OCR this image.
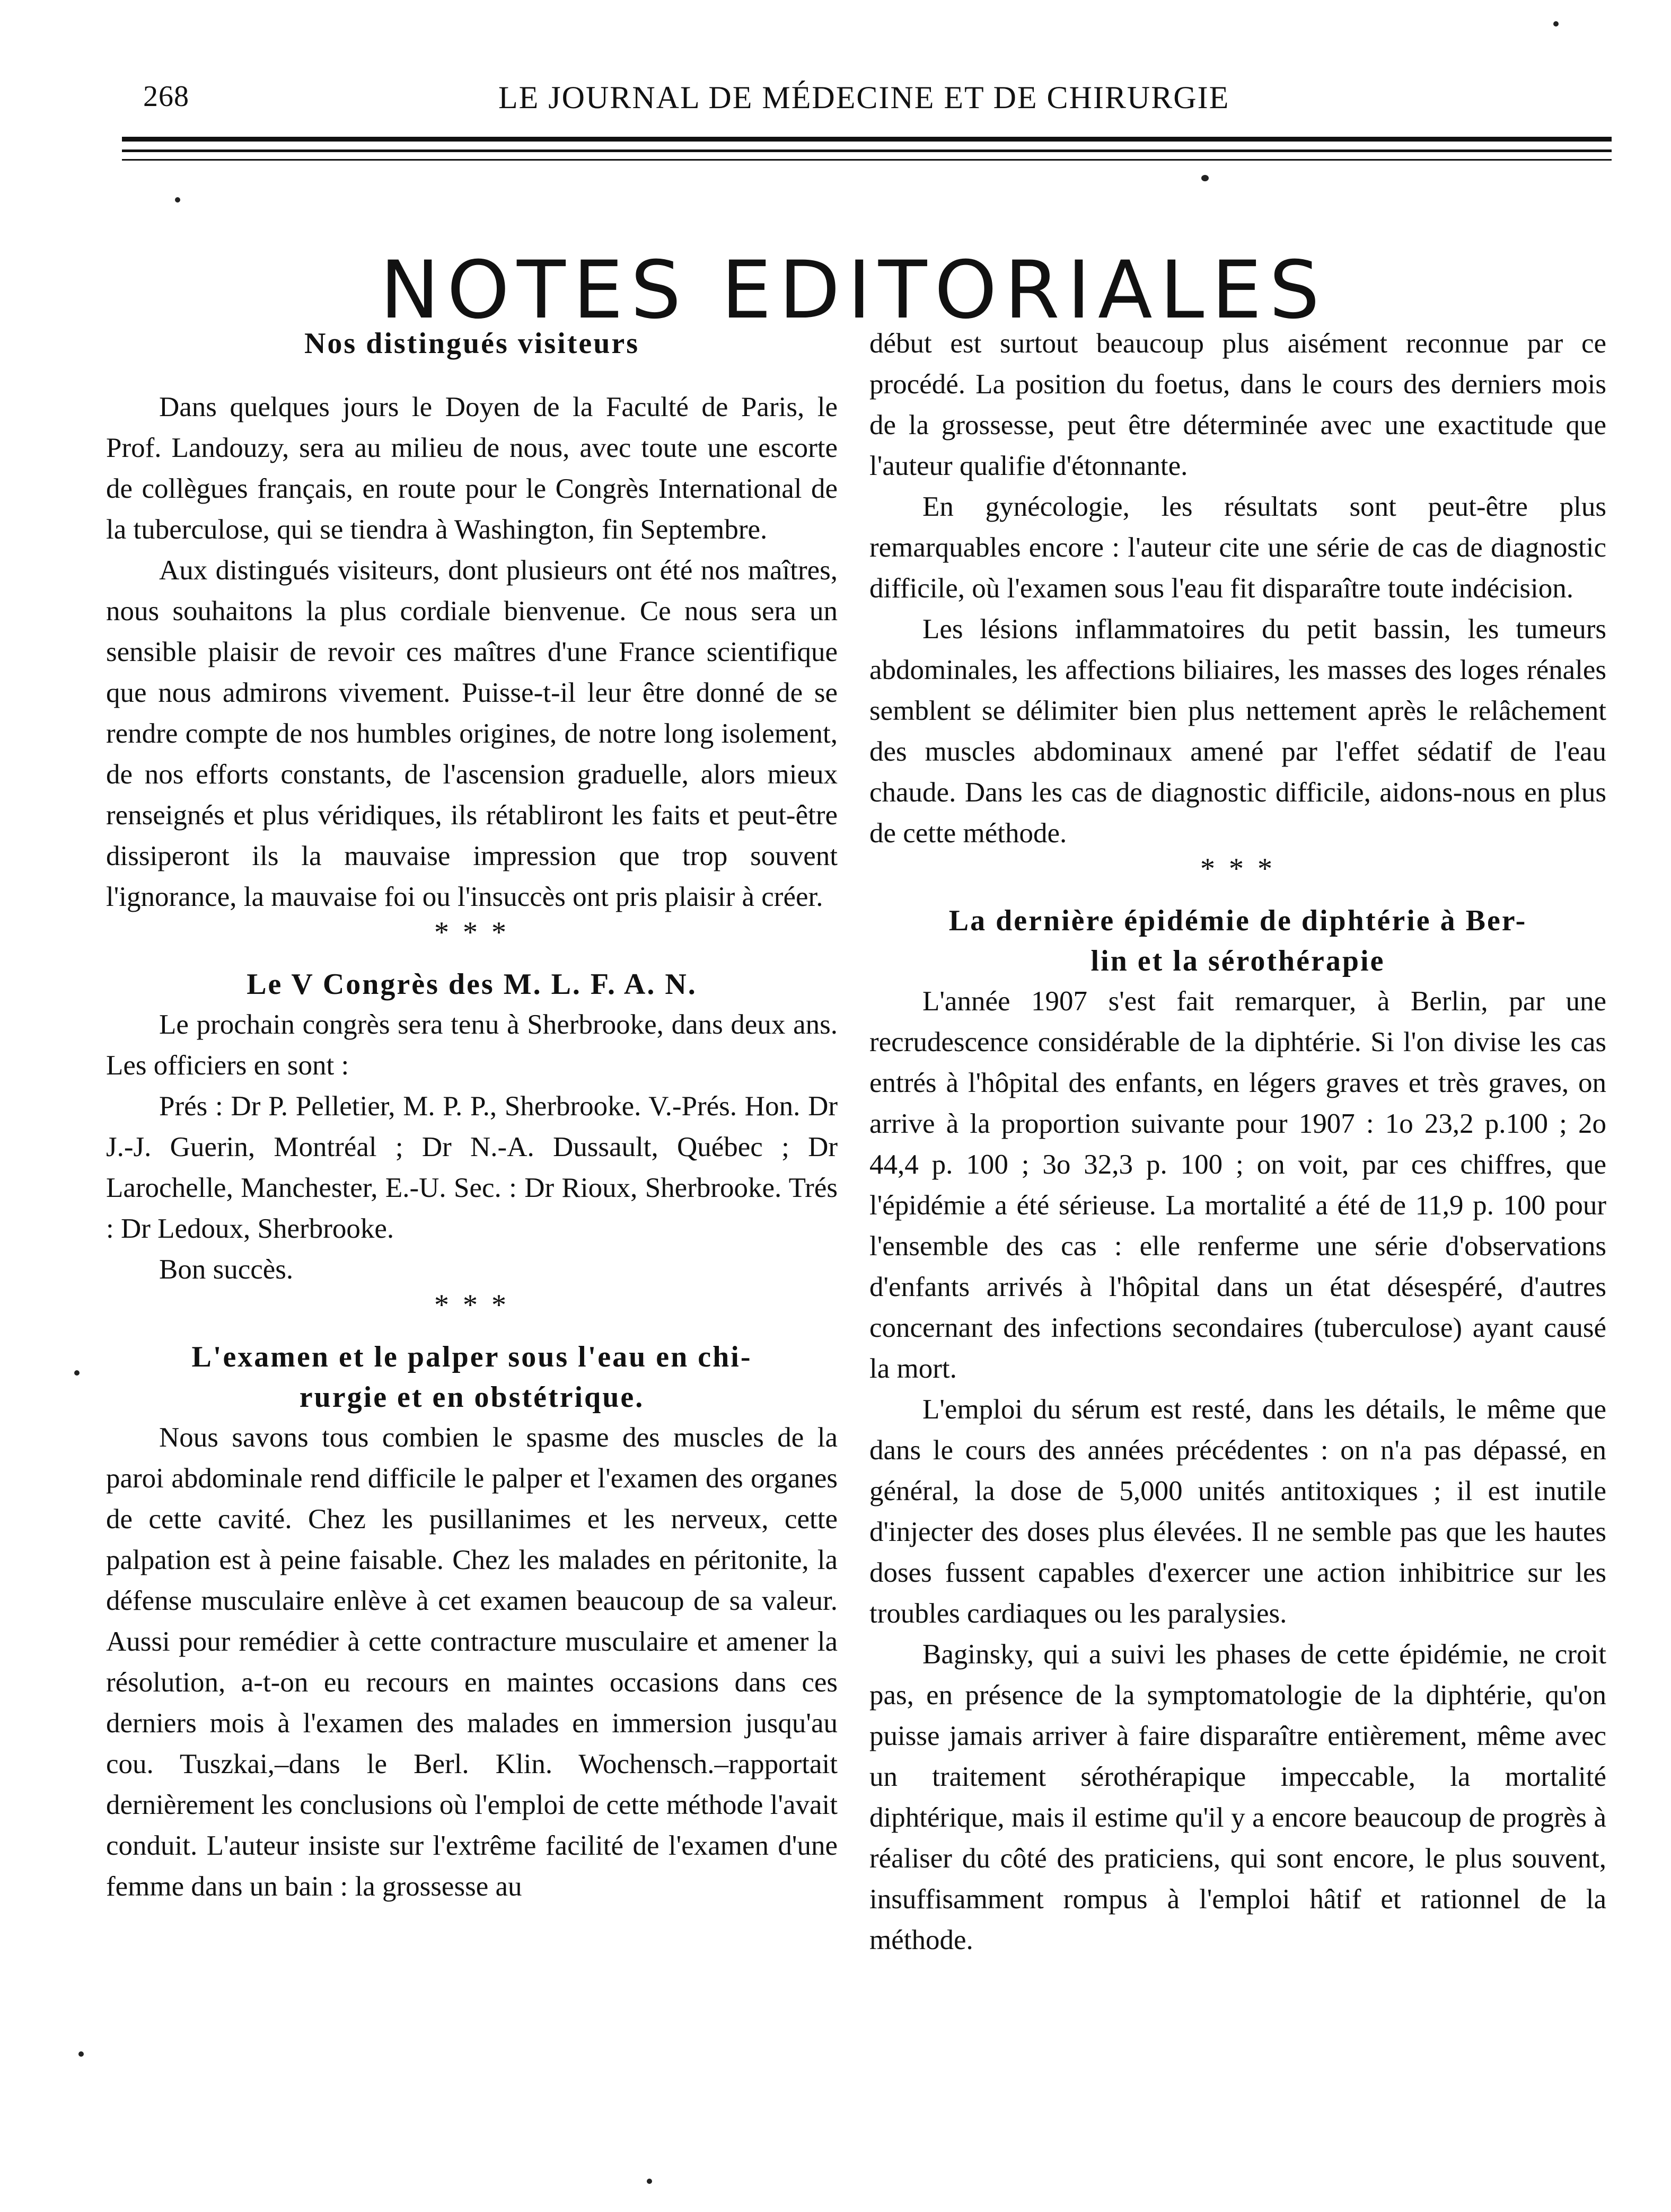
268	LE JOURNAL DE MÉDECINE ET DE CHIRURGIE
NOTES EDITORIALES
Nos distingués visiteurs

Dans quelques jours le Doyen de la Faculté de Paris, le Prof. Landouzy, sera au milieu de nous, avec toute une escorte de collègues français, en route pour le Congrès International de la tuberculose, qui se tiendra à Washington, fin Septembre.

Aux distingués visiteurs, dont plusieurs ont été nos maîtres, nous souhaitons la plus cordiale bienvenue. Ce nous sera un sensible plaisir de revoir ces maîtres d'une France scientifique que nous admirons vivement. Puisse-t-il leur être donné de se rendre compte de nos humbles origines, de notre long isolement, de nos efforts constants, de l'ascension graduelle, alors mieux renseignés et plus véridiques, ils rétabliront les faits et peut-être dissiperont ils la mauvaise impression que trop souvent l'ignorance, la mauvaise foi ou l'insuccès ont pris plaisir à créer.

* * *
Le V Congrès des M. L. F. A. N.

Le prochain congrès sera tenu à Sherbrooke, dans deux ans. Les officiers en sont :

Prés : Dr P. Pelletier, M. P. P., Sherbrooke. V.-Prés. Hon. Dr J.-J. Guerin, Montréal ; Dr N.-A. Dussault, Québec ; Dr Larochelle, Manchester, E.-U. Sec. : Dr Rioux, Sherbrooke. Trés : Dr Ledoux, Sherbrooke.

Bon succès.

* * *
L'examen et le palper sous l'eau en chi-
rurgie et en obstétrique.

Nous savons tous combien le spasme des muscles de la paroi abdominale rend difficile le palper et l'examen des organes de cette cavité. Chez les pusillanimes et les nerveux, cette palpation est à peine faisable. Chez les malades en péritonite, la défense musculaire enlève à cet examen beaucoup de sa valeur. Aussi pour remédier à cette contracture musculaire et amener la résolution, a-t-on eu recours en maintes occasions dans ces derniers mois à l'examen des malades en immersion jusqu'au cou. Tuszkai,–dans le Berl. Klin. Wochensch.–rapportait dernièrement les conclusions où l'emploi de cette méthode l'avait conduit. L'auteur insiste sur l'extrême facilité de l'examen d'une femme dans un bain : la grossesse au

début est surtout beaucoup plus aisément reconnue par ce procédé. La position du foetus, dans le cours des derniers mois de la grossesse, peut être déterminée avec une exactitude que l'auteur qualifie d'étonnante.

En gynécologie, les résultats sont peut-être plus remarquables encore : l'auteur cite une série de cas de diagnostic difficile, où l'examen sous l'eau fit disparaître toute indécision.

Les lésions inflammatoires du petit bassin, les tumeurs abdominales, les affections biliaires, les masses des loges rénales semblent se délimiter bien plus nettement après le relâchement des muscles abdominaux amené par l'effet sédatif de l'eau chaude. Dans les cas de diagnostic difficile, aidons-nous en plus de cette méthode.

* * *
La dernière épidémie de diphtérie à Ber-
lin et la sérothérapie

L'année 1907 s'est fait remarquer, à Berlin, par une recrudescence considérable de la diphtérie. Si l'on divise les cas entrés à l'hôpital des enfants, en légers graves et très graves, on arrive à la proportion suivante pour 1907 : 1o 23,2 p.100 ; 2o 44,4 p. 100 ; 3o 32,3 p. 100 ; on voit, par ces chiffres, que l'épidémie a été sérieuse. La mortalité a été de 11,9 p. 100 pour l'ensemble des cas : elle renferme une série d'observations d'enfants arrivés à l'hôpital dans un état désespéré, d'autres concernant des infections secondaires (tuberculose) ayant causé la mort.

L'emploi du sérum est resté, dans les détails, le même que dans le cours des années précédentes : on n'a pas dépassé, en général, la dose de 5,000 unités antitoxiques ; il est inutile d'injecter des doses plus élevées. Il ne semble pas que les hautes doses fussent capables d'exercer une action inhibitrice sur les troubles cardiaques ou les paralysies.

Baginsky, qui a suivi les phases de cette épidémie, ne croit pas, en présence de la symptomatologie de la diphtérie, qu'on puisse jamais arriver à faire disparaître entièrement, même avec un traitement sérothérapique impeccable, la mortalité diphtérique, mais il estime qu'il y a encore beaucoup de progrès à réaliser du côté des praticiens, qui sont encore, le plus souvent, insuffisamment rompus à l'emploi hâtif et rationnel de la méthode.
